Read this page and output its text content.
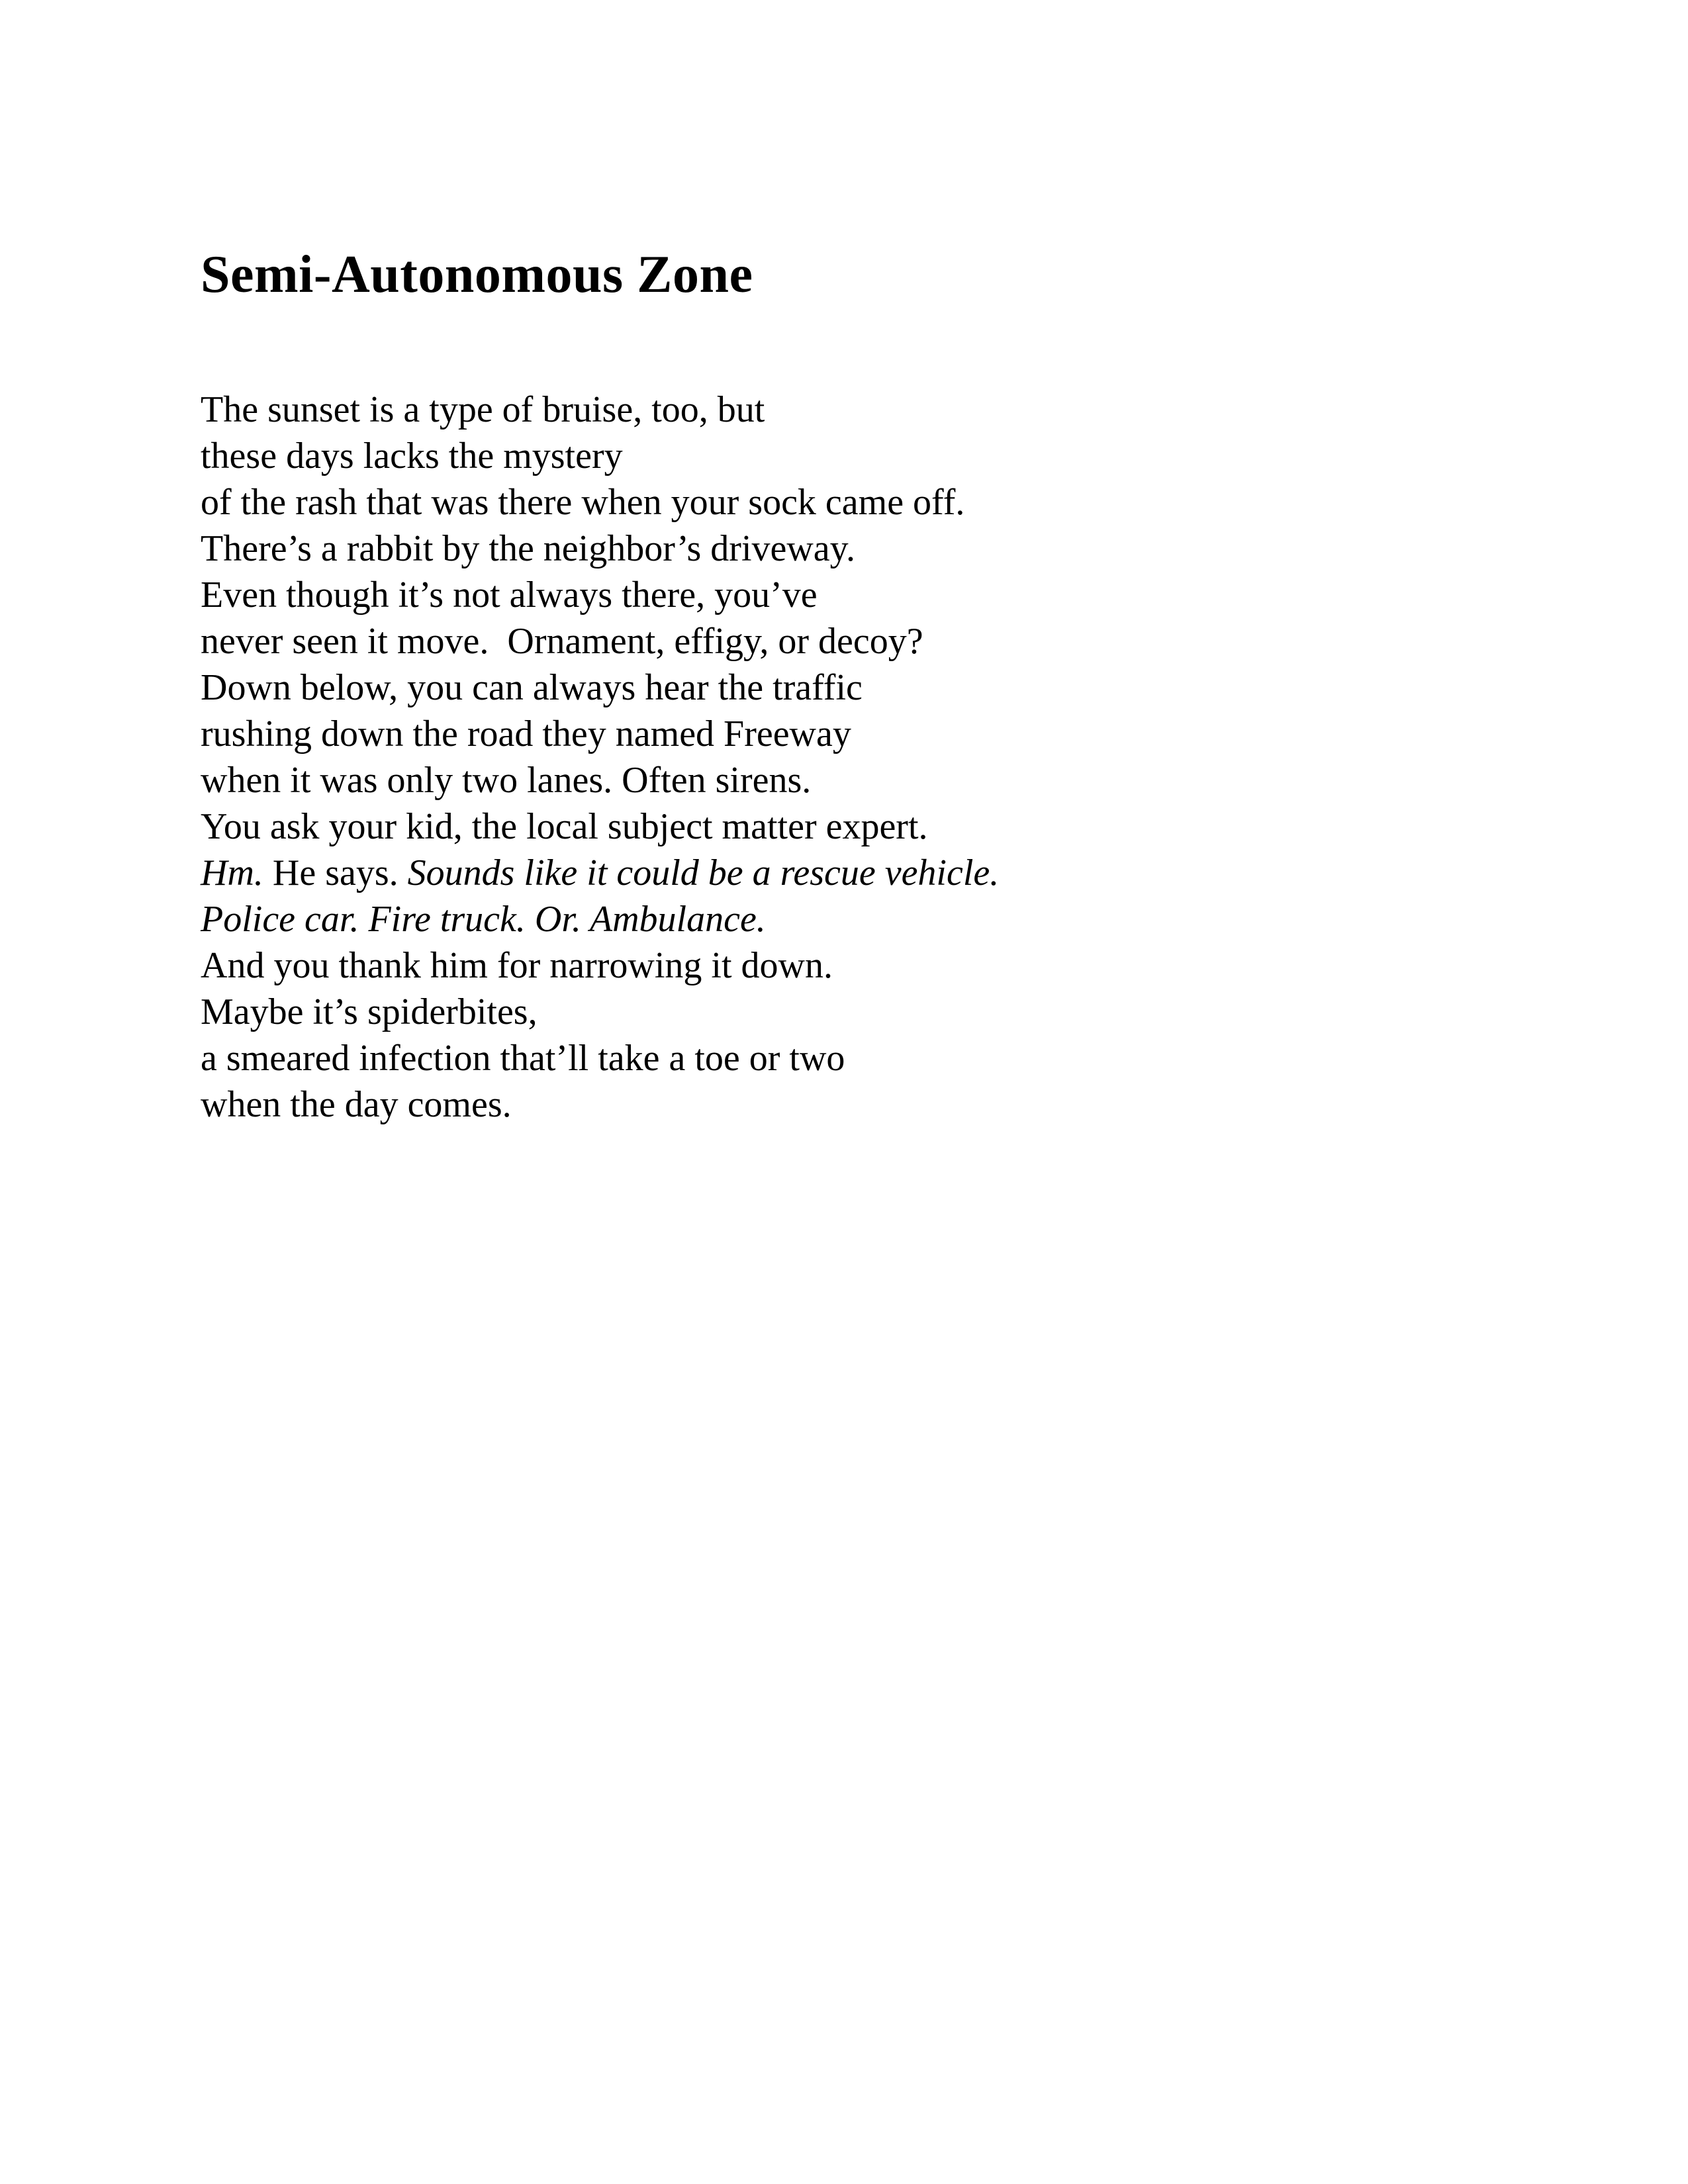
Semi-Autonomous Zone
The sunset is a type of bruise, too, but
these days lacks the mystery
of the rash that was there when your sock came off.
There’s a rabbit by the neighbor’s driveway.
Even though it’s not always there, you’ve
never seen it move.  Ornament, effigy, or decoy?
Down below, you can always hear the traffic
rushing down the road they named Freeway
when it was only two lanes. Often sirens.
You ask your kid, the local subject matter expert.
Hm. He says. Sounds like it could be a rescue vehicle.
Police car. Fire truck. Or. Ambulance.
And you thank him for narrowing it down.
Maybe it’s spiderbites,
a smeared infection that’ll take a toe or two
when the day comes.
